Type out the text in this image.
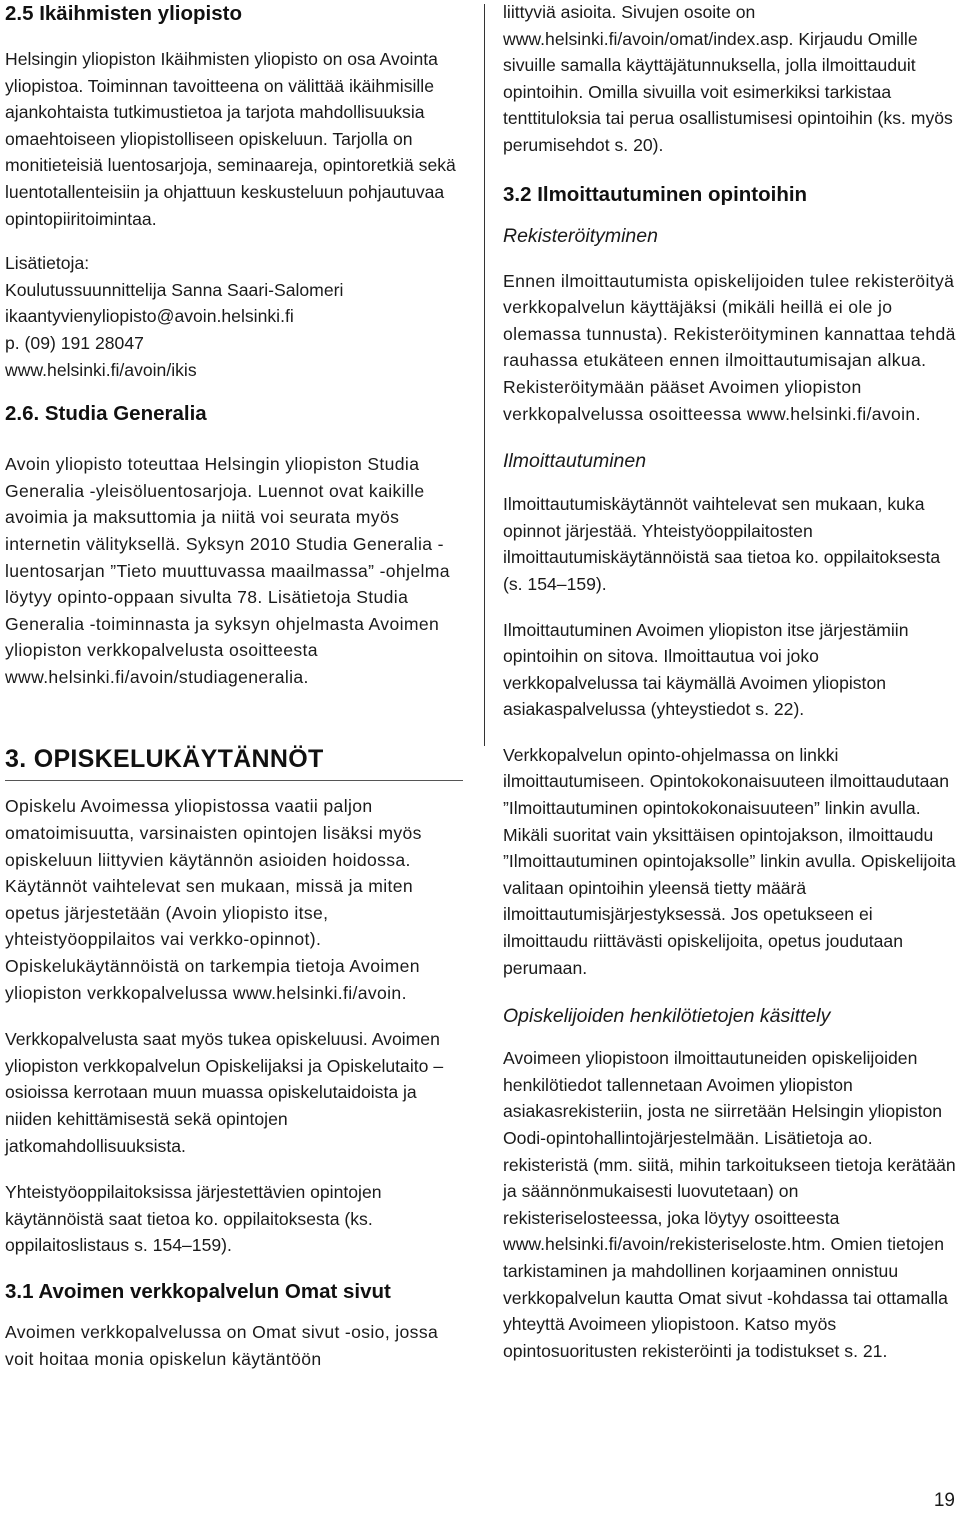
2.5 Ikäihmisten yliopisto

Helsingin yliopiston Ikäihmisten yliopisto on osa Avointa yliopistoa. Toiminnan tavoitteena on välittää ikäihmisille ajankohtaista tutkimustietoa ja tarjota mahdollisuuksia omaehtoiseen yliopistolliseen opiskeluun. Tarjolla on monitieteisiä luentosarjoja, seminaareja, opintoretkiä sekä luentotallenteisiin ja ohjattuun keskusteluun pohjautuvaa opintopiiritoimintaa.

Lisätietoja:

Koulutussuunnittelija Sanna Saari-Salomeri

ikaantyvienyliopisto@avoin.helsinki.fi

p. (09) 191 28047

www.helsinki.fi/avoin/ikis

2.6. Studia Generalia

Avoin yliopisto toteuttaa Helsingin yliopiston Studia Generalia -yleisöluentosarjoja. Luennot ovat kaikille avoimia ja maksuttomia ja niitä voi seurata myös internetin välityksellä. Syksyn 2010 Studia Generalia -luentosarjan ”Tieto muuttuvassa maailmassa” -ohjelma löytyy opinto-oppaan sivulta 78. Lisätietoja Studia Generalia -toiminnasta ja syksyn ohjelmasta Avoimen yliopiston verkkopalvelusta osoitteesta www.helsinki.fi/avoin/studiageneralia.

3. OPISKELUKÄYTÄNNÖT

Opiskelu Avoimessa yliopistossa vaatii paljon omatoimisuutta, varsinaisten opintojen lisäksi myös opiskeluun liittyvien käytännön asioiden hoidossa. Käytännöt vaihtelevat sen mukaan, missä ja miten opetus järjestetään (Avoin yliopisto itse, yhteistyöoppilaitos vai verkko-opinnot). Opiskelukäytännöistä on tarkempia tietoja Avoimen yliopiston verkkopalvelussa www.helsinki.fi/avoin.

Verkkopalvelusta saat myös tukea opiskeluusi. Avoimen yliopiston verkkopalvelun Opiskelijaksi ja Opiskelutaito –osioissa kerrotaan muun muassa opiskelutaidoista ja niiden kehittämisestä sekä opintojen jatkomahdollisuuksista.

Yhteistyöoppilaitoksissa järjestettävien opintojen käytännöistä saat tietoa ko. oppilaitoksesta (ks. oppilaitoslistaus s. 154–159).

3.1 Avoimen verkkopalvelun Omat sivut

Avoimen verkkopalvelussa on Omat sivut -osio, jossa voit hoitaa monia opiskelun käytäntöön

liittyviä asioita. Sivujen osoite on www.helsinki.fi/avoin/omat/index.asp. Kirjaudu Omille sivuille samalla käyttäjätunnuksella, jolla ilmoittauduit opintoihin. Omilla sivuilla voit esimerkiksi tarkistaa tenttituloksia tai perua osallistumisesi opintoihin (ks. myös perumisehdot s. 20).

3.2 Ilmoittautuminen opintoihin

Rekisteröityminen

Ennen ilmoittautumista opiskelijoiden tulee rekisteröityä verkkopalvelun käyttäjäksi (mikäli heillä ei ole jo olemassa tunnusta). Rekisteröityminen kannattaa tehdä rauhassa etukäteen ennen ilmoittautumisajan alkua. Rekisteröitymään pääset Avoimen yliopiston verkkopalvelussa osoitteessa www.helsinki.fi/avoin.

Ilmoittautuminen

Ilmoittautumiskäytännöt vaihtelevat sen mukaan, kuka opinnot järjestää. Yhteistyöoppilaitosten ilmoittautumiskäytännöistä saa tietoa ko. oppilaitoksesta (s. 154–159).

Ilmoittautuminen Avoimen yliopiston itse järjestämiin opintoihin on sitova. Ilmoittautua voi joko verkkopalvelussa tai käymällä Avoimen yliopiston asiakaspalvelussa (yhteystiedot s. 22).

Verkkopalvelun opinto-ohjelmassa on linkki ilmoittautumiseen. Opintokokonaisuuteen ilmoittaudutaan ”Ilmoittautuminen opintokokonaisuuteen” linkin avulla. Mikäli suoritat vain yksittäisen opintojakson, ilmoittaudu ”Ilmoittautuminen opintojaksolle” linkin avulla. Opiskelijoita valitaan opintoihin yleensä tietty määrä ilmoittautumisjärjestyksessä. Jos opetukseen ei ilmoittaudu riittävästi opiskelijoita, opetus joudutaan perumaan.

Opiskelijoiden henkilötietojen käsittely

Avoimeen yliopistoon ilmoittautuneiden opiskelijoiden henkilötiedot tallennetaan Avoimen yliopiston asiakasrekisteriin, josta ne siirretään Helsingin yliopiston Oodi-opintohallintojärjestelmään. Lisätietoja ao. rekisteristä (mm. siitä, mihin tarkoitukseen tietoja kerätään ja säännönmukaisesti luovutetaan) on rekisteriselosteessa, joka löytyy osoitteesta www.helsinki.fi/avoin/rekisteriseloste.htm. Omien tietojen tarkistaminen ja mahdollinen korjaaminen onnistuu verkkopalvelun kautta Omat sivut -kohdassa tai ottamalla yhteyttä Avoimeen yliopistoon. Katso myös opintosuoritusten rekisteröinti ja todistukset s. 21.

19
